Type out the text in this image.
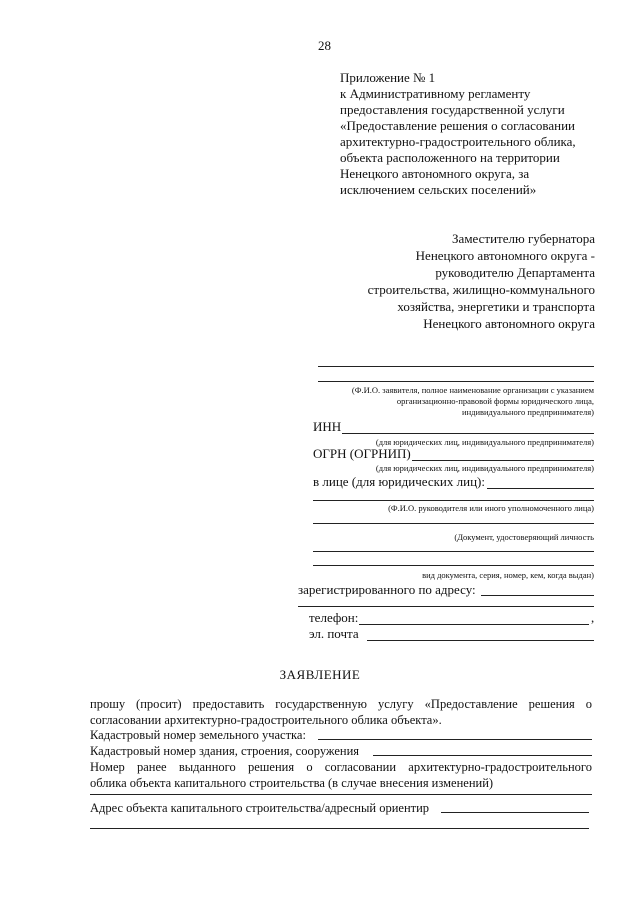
28
Приложение № 1
к Административному регламенту
предоставления государственной услуги
«Предоставление решения о согласовании
архитектурно-градостроительного облика,
объекта расположенного на территории
Ненецкого автономного округа, за
исключением сельских поселений»
Заместителю губернатора
Ненецкого автономного округа -
руководителю Департамента
строительства, жилищно-коммунального
хозяйства, энергетики и транспорта
Ненецкого автономного округа
(Ф.И.О. заявителя, полное наименование организации с указанием
организационно-правовой формы юридического лица,
индивидуального предпринимателя)
ИНН
(для юридических лиц, индивидуального предпринимателя)
ОГРН (ОГРНИП)
(для юридических лиц, индивидуального предпринимателя)
в лице (для юридических лиц):
(Ф.И.О. руководителя или иного уполномоченного лица)
(Документ, удостоверяющий личность
вид документа, серия, номер, кем, когда выдан)
зарегистрированного по адресу:
телефон:	,
эл. почта
ЗАЯВЛЕНИЕ
прошу (просит) предоставить государственную услугу «Предоставление решения о
согласовании архитектурно-градостроительного облика объекта».
Кадастровый номер земельного участка:
Кадастровый номер здания, строения, сооружения
Номер ранее выданного решения о согласовании архитектурно-градостроительного
облика объекта капитального строительства (в случае внесения изменений)
Адрес объекта капитального строительства/адресный ориентир
